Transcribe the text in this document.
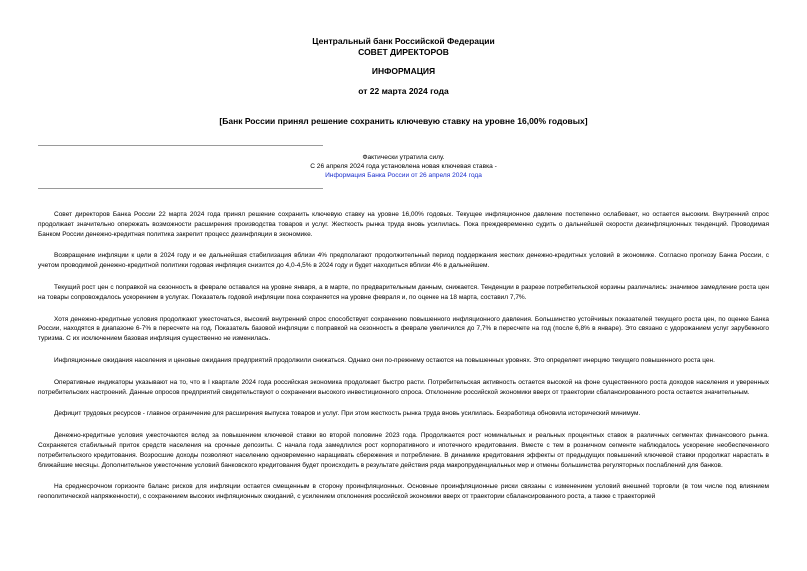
Центральный банк Российской Федерации
СОВЕТ ДИРЕКТОРОВ
ИНФОРМАЦИЯ
от 22 марта 2024 года
[Банк России принял решение сохранить ключевую ставку на уровне 16,00% годовых]
Фактически утратила силу.
С 26 апреля 2024 года установлена новая ключевая ставка -
Информация Банка России от 26 апреля 2024 года

Совет директоров Банка России 22 марта 2024 года принял решение сохранить ключевую ставку на уровне 16,00% годовых. Текущее инфляционное давление постепенно ослабевает, но остается высоким. Внутренний спрос продолжает значительно опережать возможности расширения производства товаров и услуг. Жесткость рынка труда вновь усилилась. Пока преждевременно судить о дальнейшей скорости дезинфляционных тенденций. Проводимая Банком России денежно-кредитная политика закрепит процесс дезинфляции в экономике.

Возвращение инфляции к цели в 2024 году и ее дальнейшая стабилизация вблизи 4% предполагают продолжительный период поддержания жестких денежно-кредитных условий в экономике. Согласно прогнозу Банка России, с учетом проводимой денежно-кредитной политики годовая инфляция снизится до 4,0-4,5% в 2024 году и будет находиться вблизи 4% в дальнейшем.

Текущий рост цен с поправкой на сезонность в феврале оставался на уровне января, а в марте, по предварительным данным, снижается. Тенденции в разрезе потребительской корзины различались: значимое замедление роста цен на товары сопровождалось ускорением в услугах. Показатель годовой инфляции пока сохраняется на уровне февраля и, по оценке на 18 марта, составил 7,7%.

Хотя денежно-кредитные условия продолжают ужесточаться, высокий внутренний спрос способствует сохранению повышенного инфляционного давления. Большинство устойчивых показателей текущего роста цен, по оценке Банка России, находятся в диапазоне 6-7% в пересчете на год. Показатель базовой инфляции с поправкой на сезонность в феврале увеличился до 7,7% в пересчете на год (после 6,8% в январе). Это связано с удорожанием услуг зарубежного туризма. С их исключением базовая инфляция существенно не изменилась.

Инфляционные ожидания населения и ценовые ожидания предприятий продолжили снижаться. Однако они по-прежнему остаются на повышенных уровнях. Это определяет инерцию текущего повышенного роста цен.

Оперативные индикаторы указывают на то, что в I квартале 2024 года российская экономика продолжает быстро расти. Потребительская активность остается высокой на фоне существенного роста доходов населения и уверенных потребительских настроений. Данные опросов предприятий свидетельствуют о сохранении высокого инвестиционного спроса. Отклонение российской экономики вверх от траектории сбалансированного роста остается значительным.

Дефицит трудовых ресурсов - главное ограничение для расширения выпуска товаров и услуг. При этом жесткость рынка труда вновь усилилась. Безработица обновила исторический минимум.

Денежно-кредитные условия ужесточаются вслед за повышением ключевой ставки во второй половине 2023 года. Продолжается рост номинальных и реальных процентных ставок в различных сегментах финансового рынка. Сохраняется стабильный приток средств населения на срочные депозиты. С начала года замедлился рост корпоративного и ипотечного кредитования. Вместе с тем в розничном сегменте наблюдалось ускорение необеспеченного потребительского кредитования. Возросшие доходы позволяют населению одновременно наращивать сбережения и потребление. В динамике кредитования эффекты от предыдущих повышений ключевой ставки продолжат нарастать в ближайшие месяцы. Дополнительное ужесточение условий банковского кредитования будет происходить в результате действия ряда макропруденциальных мер и отмены большинства регуляторных послаблений для банков.

На среднесрочном горизонте баланс рисков для инфляции остается смещенным в сторону проинфляционных. Основные проинфляционные риски связаны с изменением условий внешней торговли (в том числе под влиянием геополитической напряженности), с сохранением высоких инфляционных ожиданий, с усилением отклонения российской экономики вверх от траектории сбалансированного роста, а также с траекторией
